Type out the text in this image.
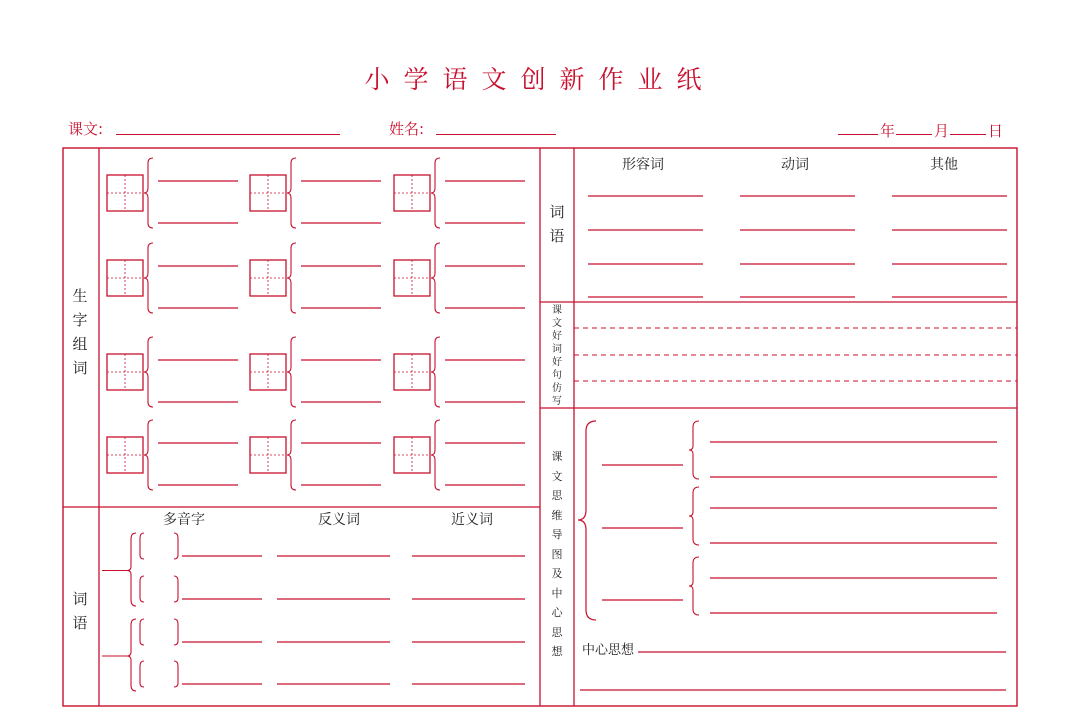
小学语文创新作业纸
课文:	姓名:	年	月	日
生字组词
词语
词语
课文好词好句仿写
课文思维导图及中心思想
多音字	反义词	近义词
形容词	动词	其他
中心思想
